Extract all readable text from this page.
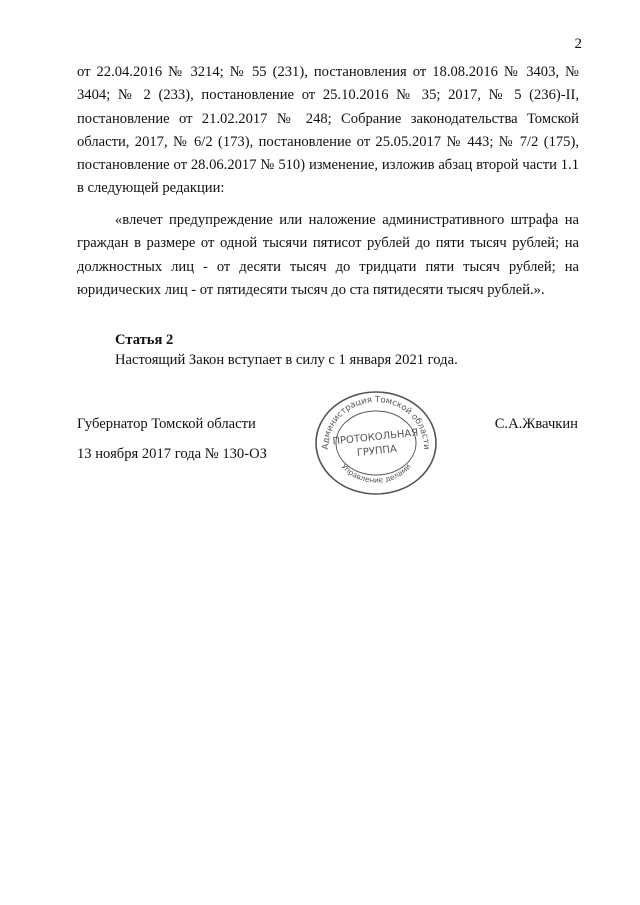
2

от 22.04.2016 № 3214; № 55 (231), постановления от 18.08.2016 № 3403, № 3404; № 2 (233), постановление от 25.10.2016 № 35; 2017, № 5 (236)-II, постановление от 21.02.2017 № 248; Собрание законодательства Томской области, 2017, № 6/2 (173), постановление от 25.05.2017 № 443; № 7/2 (175), постановление от 28.06.2017 № 510) изменение, изложив абзац второй части 1.1 в следующей редакции:

«влечет предупреждение или наложение административного штрафа на граждан в размере от одной тысячи пятисот рублей до пяти тысяч рублей; на должностных лиц - от десяти тысяч до тридцати пяти тысяч рублей; на юридических лиц - от пятидесяти тысяч до ста пятидесяти тысяч рублей.».

Статья 2
Настоящий Закон вступает в силу с 1 января 2021 года.
Губернатор Томской области	С.А.Жвачкин
13 ноября 2017 года № 130-ОЗ	Администрация Томской области
Управление делами
ПРОТОКОЛЬНАЯ
ГРУППА
